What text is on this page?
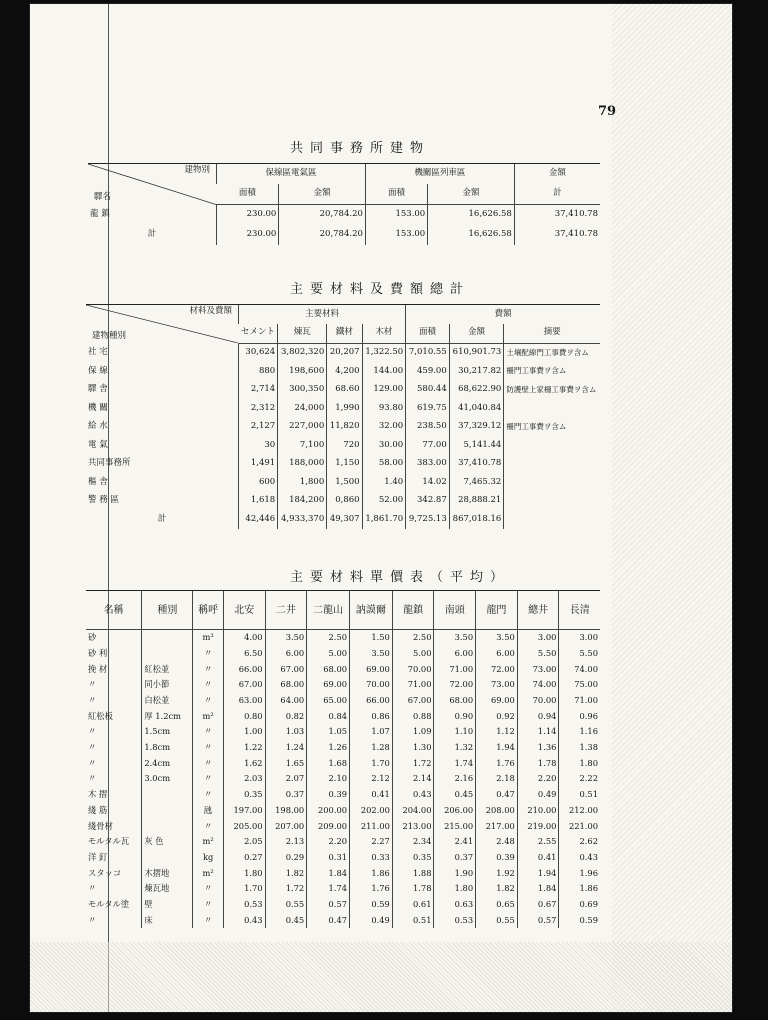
79
共同事務所建物
建物別
驛名	保線區電氣區		機關區列車區		金額
	面積	金額	面積	金額	計
龍 鎮	230.00	20,784.20	153.00	16,626.58	37,410.78
計	230.00	20,784.20	153.00	16,626.58	37,410.78
主要材料及費額總計
材料及費額
建物種別	主要材料				費額		
	セメント	煉瓦	鐵材	木材	面積	金額	摘要
社 宅	30,624	3,802,320	20,207	1,322.50	7,010.55	610,901.73	土壤配線門工事費ヲ含ム
保 線	880	198,600	4,200	144.00	459.00	30,217.82	柵門工事費ヲ含ム
驛 舎	2,714	300,350	68.60	129.00	580.44	68,622.90	防護壁上家柵工事費ヲ含ム
機 關	2,312	24,000	1,990	93.80	619.75	41,040.84	
給 水	2,127	227,000	11,820	32.00	238.50	37,329.12	柵門工事費ヲ含ム
電 氣	30	7,100	720	30.00	77.00	5,141.44	
共同事務所	1,491	188,000	1,150	58.00	383.00	37,410.78	
樞 舎	600	1,800	1,500	1.40	14.02	7,465.32	
警 務 區	1,618	184,200	0,860	52.00	342.87	28,888.21	
計	42,446	4,933,370	49,307	1,861.70	9,725.13	867,018.16	
主要材料單價表（平均）
名稱	種別	稱呼	北安	二井	二龍山	訥謨爾	龍鎮	南頭	龍門	總井	長清
砂		m³	4.00	3.50	2.50	1.50	2.50	3.50	3.50	3.00	3.00
砂 利		〃	6.50	6.00	5.00	3.50	5.00	6.00	6.00	5.50	5.50
挽 材	紅松並	〃	66.00	67.00	68.00	69.00	70.00	71.00	72.00	73.00	74.00
〃	同小節	〃	67.00	68.00	69.00	70.00	71.00	72.00	73.00	74.00	75.00
〃	白松並	〃	63.00	64.00	65.00	66.00	67.00	68.00	69.00	70.00	71.00
紅松板	厚 1.2cm	m²	0.80	0.82	0.84	0.86	0.88	0.90	0.92	0.94	0.96
〃	1.5cm	〃	1.00	1.03	1.05	1.07	1.09	1.10	1.12	1.14	1.16
〃	1.8cm	〃	1.22	1.24	1.26	1.28	1.30	1.32	1.94	1.36	1.38
〃	2.4cm	〃	1.62	1.65	1.68	1.70	1.72	1.74	1.76	1.78	1.80
〃	3.0cm	〃	2.03	2.07	2.10	2.12	2.14	2.16	2.18	2.20	2.22
木 摺		〃	0.35	0.37	0.39	0.41	0.43	0.45	0.47	0.49	0.51
綫 筋		瓲	197.00	198.00	200.00	202.00	204.00	206.00	208.00	210.00	212.00
綫骨材		〃	205.00	207.00	209.00	211.00	213.00	215.00	217.00	219.00	221.00
モルタル瓦	灰 色	m²	2.05	2.13	2.20	2.27	2.34	2.41	2.48	2.55	2.62
洋 釘		kg	0.27	0.29	0.31	0.33	0.35	0.37	0.39	0.41	0.43
スタッコ	木摺地	m²	1.80	1.82	1.84	1.86	1.88	1.90	1.92	1.94	1.96
〃	煉瓦地	〃	1.70	1.72	1.74	1.76	1.78	1.80	1.82	1.84	1.86
モルタル塗	壁	〃	0.53	0.55	0.57	0.59	0.61	0.63	0.65	0.67	0.69
〃	床	〃	0.43	0.45	0.47	0.49	0.51	0.53	0.55	0.57	0.59
